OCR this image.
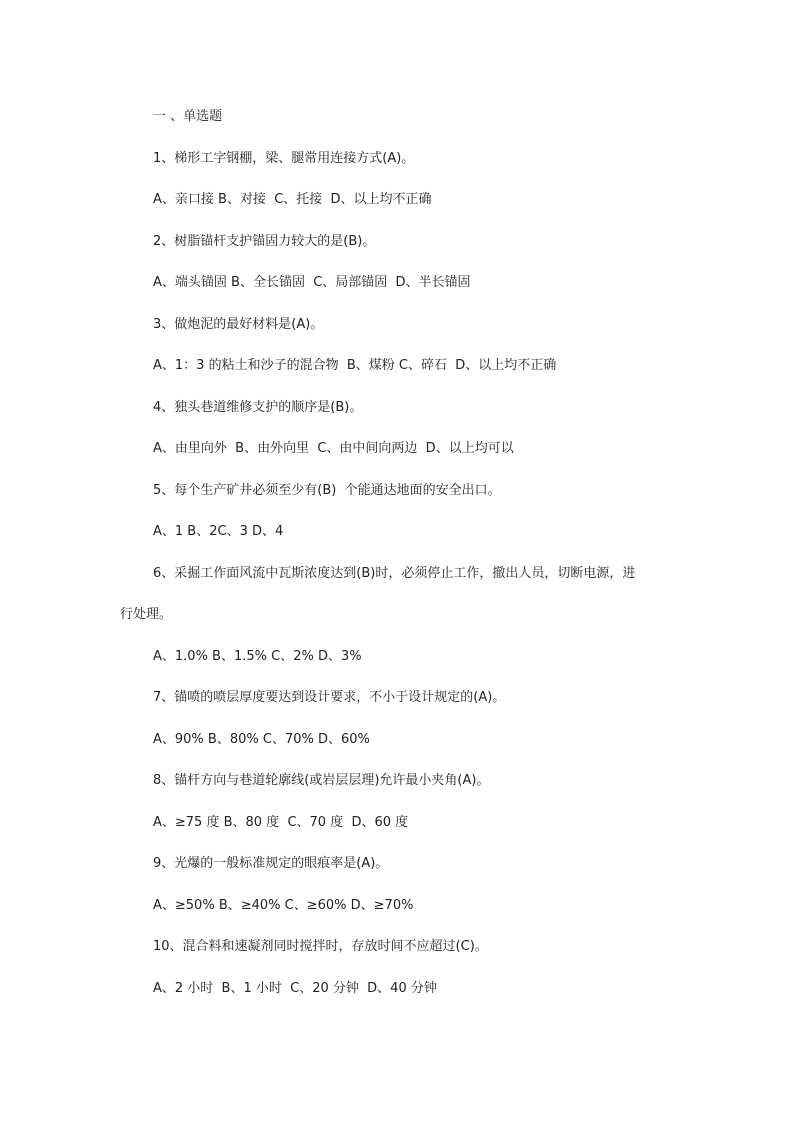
一 、单选题
1、梯形工字钢棚，梁、腿常用连接方式(A)。
A、亲口接 B、对接  C、托接  D、以上均不正确
2、树脂锚杆支护锚固力较大的是(B)。
A、端头锚固 B、全长锚固  C、局部锚固  D、半长锚固
3、做炮泥的最好材料是(A)。
A、1：3 的粘土和沙子的混合物  B、煤粉 C、碎石  D、以上均不正确
4、独头巷道维修支护的顺序是(B)。
A、由里向外  B、由外向里  C、由中间向两边  D、以上均可以
5、每个生产矿井必须至少有(B)  个能通达地面的安全出口。
A、1 B、2C、3 D、4
6、采掘工作面风流中瓦斯浓度达到(B)时，必须停止工作，撤出人员，切断电源，进
行处理。
A、1.0% B、1.5% C、2% D、3%
7、锚喷的喷层厚度要达到设计要求，不小于设计规定的(A)。
A、90% B、80% C、70% D、60%
8、锚杆方向与巷道轮廓线(或岩层层理)允许最小夹角(A)。
A、≥75 度 B、80 度  C、70 度  D、60 度
9、光爆的一般标准规定的眼痕率是(A)。
A、≥50% B、≥40% C、≥60% D、≥70%
10、混合料和速凝剂同时搅拌时，存放时间不应超过(C)。
A、2 小时  B、1 小时  C、20 分钟  D、40 分钟
